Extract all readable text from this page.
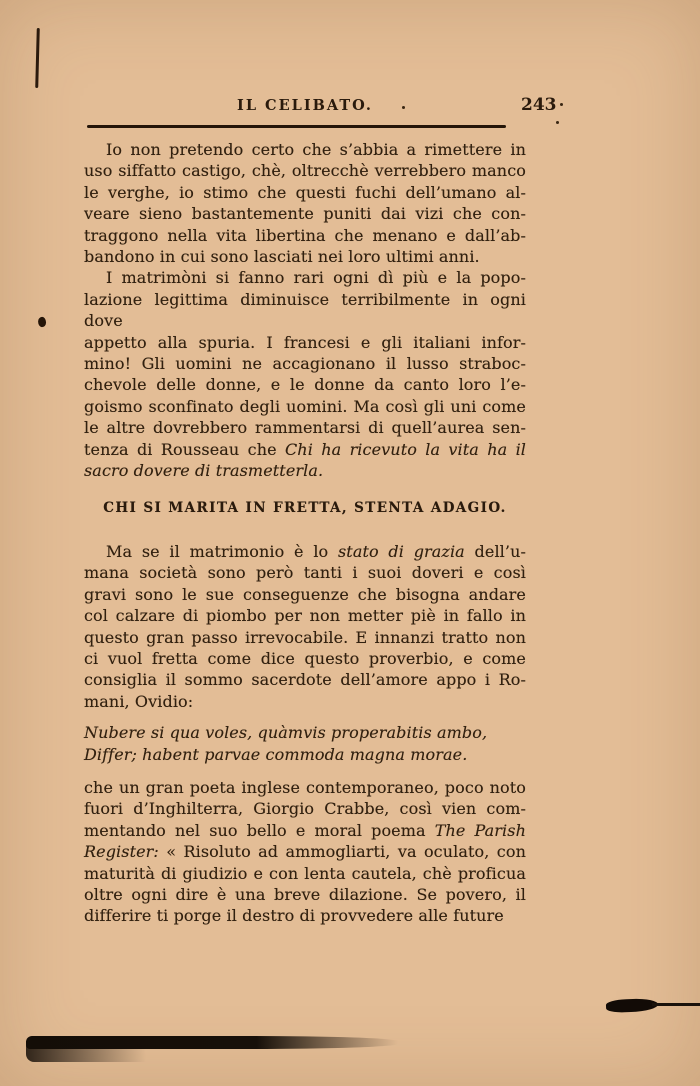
IL CELIBATO.	243
Io non pretendo certo che s’abbia a rimettere in
uso siffatto castigo, chè, oltrecchè verrebbero manco
le verghe, io stimo che questi fuchi dell’umano al-
veare sieno bastantemente puniti dai vizi che con-
traggono nella vita libertina che menano e dall’ab-
bandono in cui sono lasciati nei loro ultimi anni.
I matrimòni si fanno rari ogni dì più e la popo-
lazione legittima diminuisce terribilmente in ogni dove
appetto alla spuria. I francesi e gli italiani infor-
mino! Gli uomini ne accagionano il lusso straboc-
chevole delle donne, e le donne da canto loro l’e-
goismo sconfinato degli uomini. Ma così gli uni come
le altre dovrebbero rammentarsi di quell’aurea sen-
tenza di Rousseau che Chi ha ricevuto la vita ha il
sacro dovere di trasmetterla.
CHI SI MARITA IN FRETTA, STENTA ADAGIO.
Ma se il matrimonio è lo stato di grazia dell’u-
mana società sono però tanti i suoi doveri e così
gravi sono le sue conseguenze che bisogna andare
col calzare di piombo per non metter piè in fallo in
questo gran passo irrevocabile. E innanzi tratto non
ci vuol fretta come dice questo proverbio, e come
consiglia il sommo sacerdote dell’amore appo i Ro-
mani, Ovidio:
Nubere si qua voles, quàmvis properabitis ambo,
Differ; habent parvae commoda magna morae.
che un gran poeta inglese contemporaneo, poco noto
fuori d’Inghilterra, Giorgio Crabbe, così vien com-
mentando nel suo bello e moral poema The Parish
Register: « Risoluto ad ammogliarti, va oculato, con
maturità di giudizio e con lenta cautela, chè proficua
oltre ogni dire è una breve dilazione. Se povero, il
differire ti porge il destro di provvedere alle future
